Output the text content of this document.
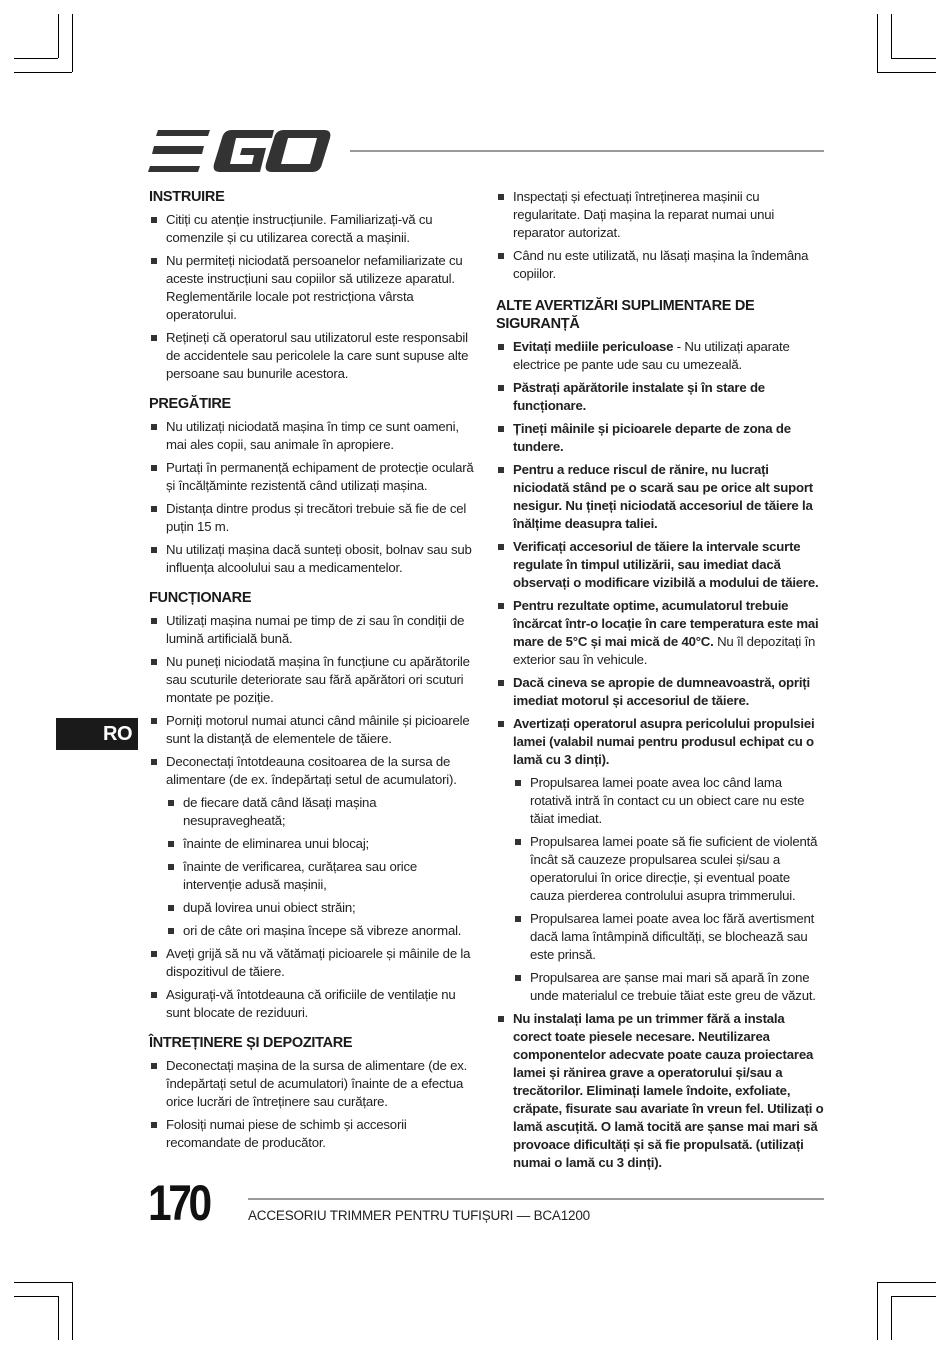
INSTRUIRE
Citiți cu atenție instrucțiunile. Familiarizați-vă cu comenzile și cu utilizarea corectă a mașinii.
Nu permiteți niciodată persoanelor nefamiliarizate cu aceste instrucțiuni sau copiilor să utilizeze aparatul. Reglementările locale pot restricționa vârsta operatorului.
Rețineți că operatorul sau utilizatorul este responsabil de accidentele sau pericolele la care sunt supuse alte persoane sau bunurile acestora.
PREGĂTIRE
Nu utilizați niciodată mașina în timp ce sunt oameni, mai ales copii, sau animale în apropiere.
Purtați în permanență echipament de protecție oculară și încălțăminte rezistentă când utilizați mașina.
Distanța dintre produs și trecători trebuie să fie de cel puțin 15 m.
Nu utilizați mașina dacă sunteți obosit, bolnav sau sub influența alcoolului sau a medicamentelor.
FUNCȚIONARE
Utilizați mașina numai pe timp de zi sau în condiții de lumină artificială bună.
Nu puneți niciodată mașina în funcțiune cu apărătorile sau scuturile deteriorate sau fără apărători ori scuturi montate pe poziție.
Porniți motorul numai atunci când mâinile și picioarele sunt la distanță de elementele de tăiere.
Deconectați întotdeauna cositoarea de la sursa de alimentare (de ex. îndepărtați setul de acumulatori).
de fiecare dată când lăsați mașina nesupravegheată;
înainte de eliminarea unui blocaj;
înainte de verificarea, curățarea sau orice intervenție adusă mașinii,
după lovirea unui obiect străin;
ori de câte ori mașina începe să vibreze anormal.
Aveți grijă să nu vă vătămați picioarele și mâinile de la dispozitivul de tăiere.
Asigurați-vă întotdeauna că orificiile de ventilație nu sunt blocate de reziduuri.
ÎNTREȚINERE ȘI DEPOZITARE
Deconectați mașina de la sursa de alimentare (de ex. îndepărtați setul de acumulatori) înainte de a efectua orice lucrări de întreținere sau curățare.
Folosiți numai piese de schimb și accesorii recomandate de producător.
Inspectați și efectuați întreținerea mașinii cu regularitate. Dați mașina la reparat numai unui reparator autorizat.
Când nu este utilizată, nu lăsați mașina la îndemâna copiilor.
ALTE AVERTIZĂRI SUPLIMENTARE DE SIGURANȚĂ
Evitați mediile periculoase - Nu utilizați aparate electrice pe pante ude sau cu umezeală.
Păstrați apărătorile instalate și în stare de funcționare.
Țineți mâinile și picioarele departe de zona de tundere.
Pentru a reduce riscul de rănire, nu lucrați niciodată stând pe o scară sau pe orice alt suport nesigur. Nu țineți niciodată accesoriul de tăiere la înălțime deasupra taliei.
Verificați accesoriul de tăiere la intervale scurte regulate în timpul utilizării, sau imediat dacă observați o modificare vizibilă a modului de tăiere.
Pentru rezultate optime, acumulatorul trebuie încărcat într-o locație în care temperatura este mai mare de 5°C și mai mică de 40°C. Nu îl depozitați în exterior sau în vehicule.
Dacă cineva se apropie de dumneavoastră, opriți imediat motorul și accesoriul de tăiere.
Avertizați operatorul asupra pericolului propulsiei lamei (valabil numai pentru produsul echipat cu o lamă cu 3 dinți).
Propulsarea lamei poate avea loc când lama rotativă intră în contact cu un obiect care nu este tăiat imediat.
Propulsarea lamei poate să fie suficient de violentă încât să cauzeze propulsarea sculei și/sau a operatorului în orice direcție, și eventual poate cauza pierderea controlului asupra trimmerului.
Propulsarea lamei poate avea loc fără avertisment dacă lama întâmpină dificultăți, se blochează sau este prinsă.
Propulsarea are șanse mai mari să apară în zone unde materialul ce trebuie tăiat este greu de văzut.
Nu instalați lama pe un trimmer fără a instala corect toate piesele necesare. Neutilizarea componentelor adecvate poate cauza proiectarea lamei și rănirea grave a operatorului și/sau a trecătorilor. Eliminați lamele îndoite, exfoliate, crăpate, fisurate sau avariate în vreun fel. Utilizați o lamă ascuțită. O lamă tocită are șanse mai mari să provoace dificultăți și să fie propulsată. (utilizați numai o lamă cu 3 dinți).
RO
170	ACCESORIU TRIMMER PENTRU TUFIȘURI — BCA1200
